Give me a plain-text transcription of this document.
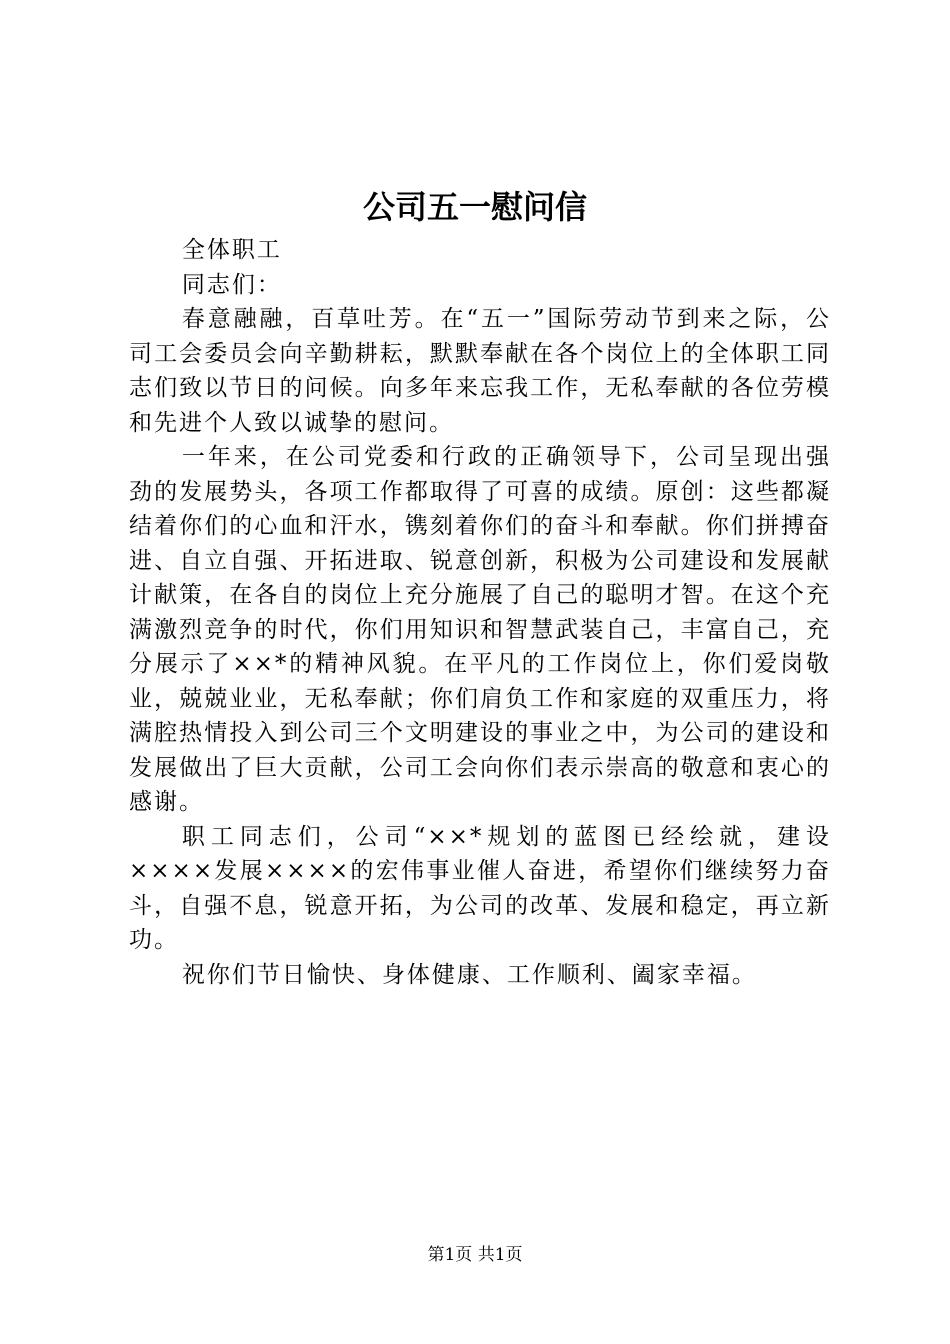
公司五一慰问信

全体职工

同志们：

春意融融，百草吐芳。在“五一”国际劳动节到来之际，公司工会委员会向辛勤耕耘，默默奉献在各个岗位上的全体职工同志们致以节日的问候。向多年来忘我工作，无私奉献的各位劳模和先进个人致以诚挚的慰问。

一年来，在公司党委和行政的正确领导下，公司呈现出强劲的发展势头，各项工作都取得了可喜的成绩。原创：这些都凝结着你们的心血和汗水，镌刻着你们的奋斗和奉献。你们拼搏奋进、自立自强、开拓进取、锐意创新，积极为公司建设和发展献计献策，在各自的岗位上充分施展了自己的聪明才智。在这个充满激烈竞争的时代，你们用知识和智慧武装自己，丰富自己，充分展示了××*的精神风貌。在平凡的工作岗位上，你们爱岗敬业，兢兢业业，无私奉献；你们肩负工作和家庭的双重压力，将满腔热情投入到公司三个文明建设的事业之中，为公司的建设和发展做出了巨大贡献，公司工会向你们表示崇高的敬意和衷心的感谢。

职工同志们，公司“××*规划的蓝图已经绘就，建设××××发展××××的宏伟事业催人奋进，希望你们继续努力奋斗，自强不息，锐意开拓，为公司的改革、发展和稳定，再立新功。

祝你们节日愉快、身体健康、工作顺利、阖家幸福。

第1页 共1页
